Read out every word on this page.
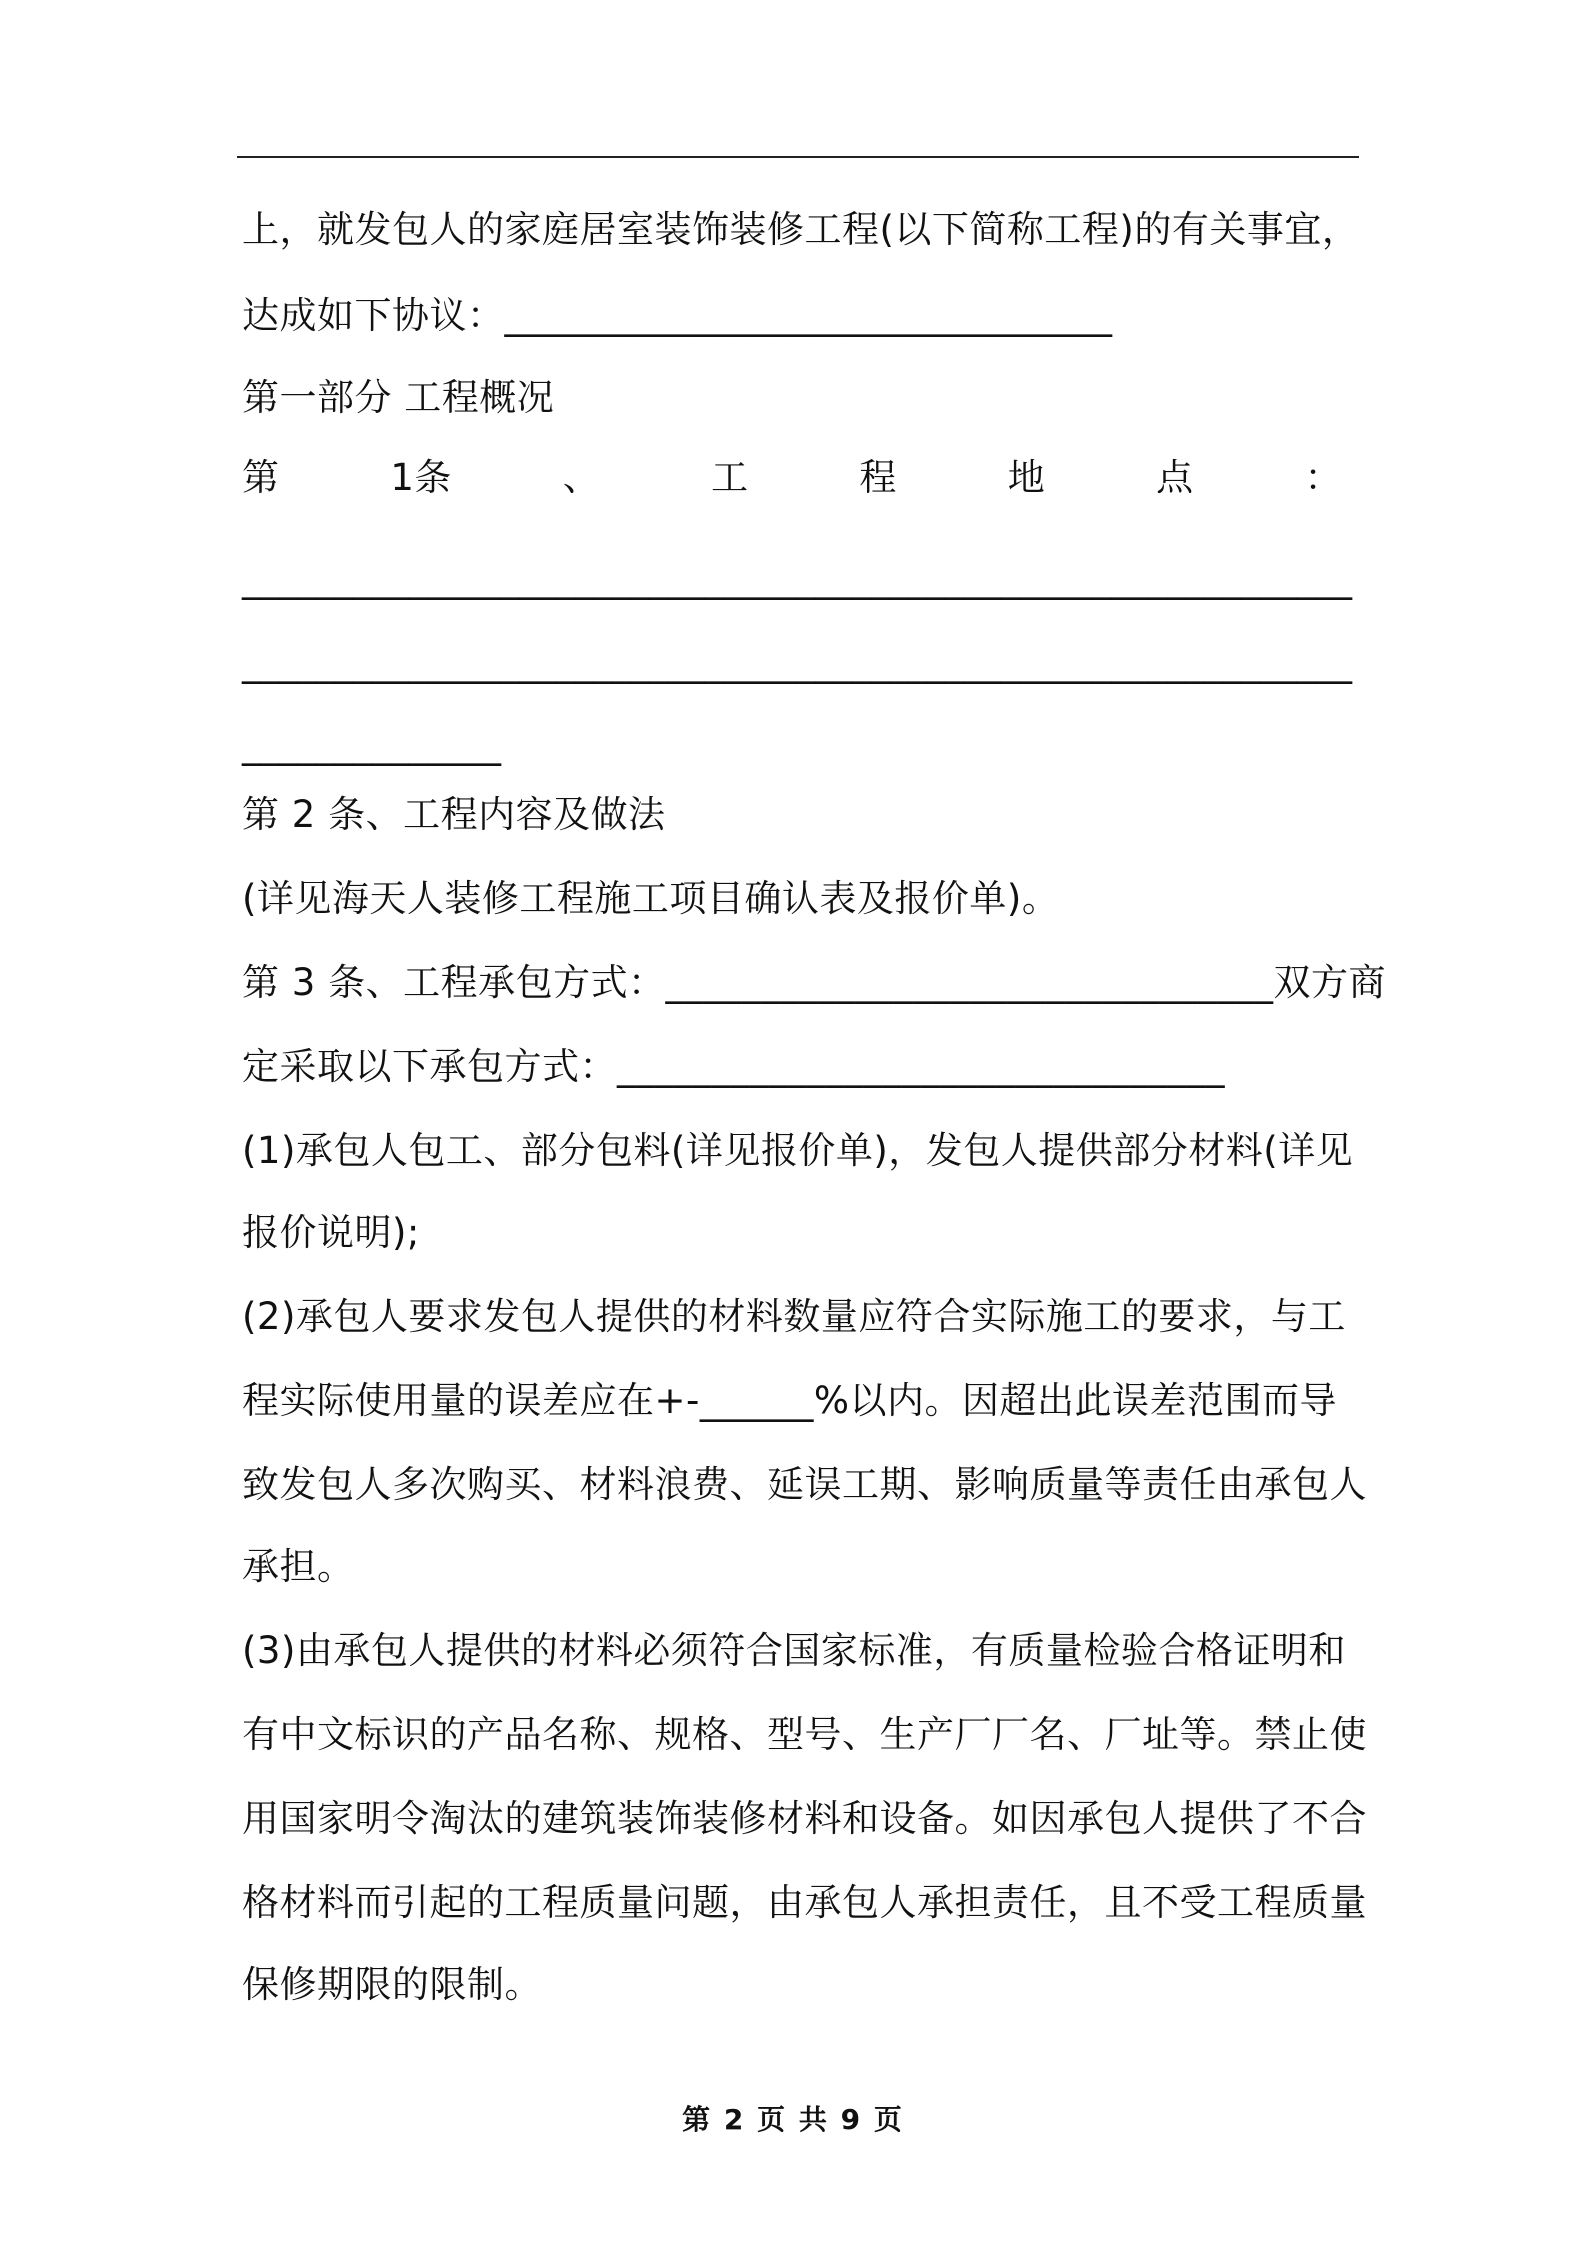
上，就发包人的家庭居室装饰装修工程(以下简称工程)的有关事宜，
达成如下协议：________________________________
第一部分 工程概况
第	1条	、	工	程	地	点	：
____________________________________________________________
____________________________________________________________
______________
第 2 条、工程内容及做法
(详见海天人装修工程施工项目确认表及报价单)。
第 3 条、工程承包方式：________________________________双方商
定采取以下承包方式：________________________________
(1)承包人包工、部分包料(详见报价单)，发包人提供部分材料(详见
报价说明);
(2)承包人要求发包人提供的材料数量应符合实际施工的要求，与工
程实际使用量的误差应在+-______%以内。因超出此误差范围而导
致发包人多次购买、材料浪费、延误工期、影响质量等责任由承包人
承担。
(3)由承包人提供的材料必须符合国家标准，有质量检验合格证明和
有中文标识的产品名称、规格、型号、生产厂厂名、厂址等。禁止使
用国家明令淘汰的建筑装饰装修材料和设备。如因承包人提供了不合
格材料而引起的工程质量问题，由承包人承担责任，且不受工程质量
保修期限的限制。
第 2 页 共 9 页
